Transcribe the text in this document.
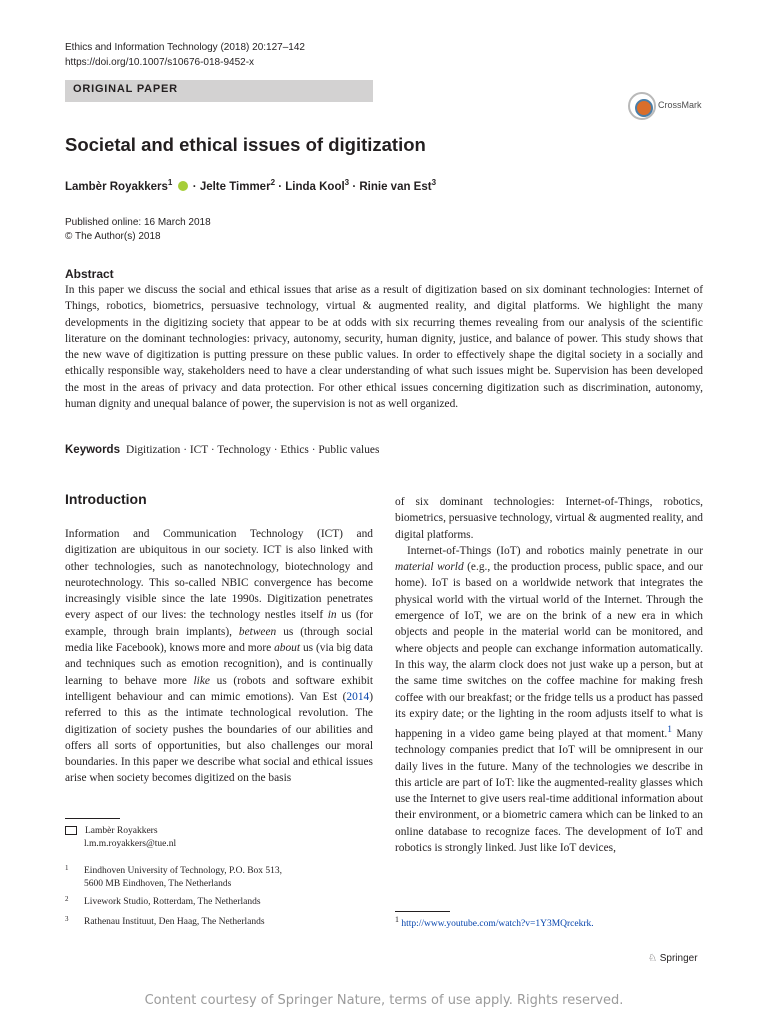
Ethics and Information Technology (2018) 20:127–142
https://doi.org/10.1007/s10676-018-9452-x
ORIGINAL PAPER
CrossMark
Societal and ethical issues of digitization
Lambèr Royakkers$^1$  · Jelte Timmer$^2$ · Linda Kool$^3$ · Rinie van Est$^3$
Published online: 16 March 2018
© The Author(s) 2018
Abstract
In this paper we discuss the social and ethical issues that arise as a result of digitization based on six dominant technologies: Internet of Things, robotics, biometrics, persuasive technology, virtual & augmented reality, and digital platforms. We highlight the many developments in the digitizing society that appear to be at odds with six recurring themes revealing from our analysis of the scientific literature on the dominant technologies: privacy, autonomy, security, human dignity, justice, and balance of power. This study shows that the new wave of digitization is putting pressure on these public values. In order to effectively shape the digital society in a socially and ethically responsible way, stakeholders need to have a clear understanding of what such issues might be. Supervision has been developed the most in the areas of privacy and data protection. For other ethical issues concerning digitization such as discrimination, autonomy, human dignity and unequal balance of power, the supervision is not as well organized.
Keywords Digitization · ICT · Technology · Ethics · Public values
Introduction

Information and Communication Technology (ICT) and digitization are ubiquitous in our society. ICT is also linked with other technologies, such as nanotechnology, biotechnology and neurotechnology. This so-called NBIC convergence has become increasingly visible since the late 1990s. Digitization penetrates every aspect of our lives: the technology nestles itself in us (for example, through brain implants), between us (through social media like Facebook), knows more and more about us (via big data and techniques such as emotion recognition), and is continually learning to behave more like us (robots and software exhibit intelligent behaviour and can mimic emotions). Van Est (2014) referred to this as the intimate technological revolution. The digitization of society pushes the boundaries of our abilities and offers all sorts of opportunities, but also challenges our moral boundaries. In this paper we describe what social and ethical issues arise when society becomes digitized on the basis

of six dominant technologies: Internet-of-Things, robotics, biometrics, persuasive technology, virtual & augmented reality, and digital platforms.

Internet-of-Things (IoT) and robotics mainly penetrate in our material world (e.g., the production process, public space, and our home). IoT is based on a worldwide network that integrates the physical world with the virtual world of the Internet. Through the emergence of IoT, we are on the brink of a new era in which objects and people in the material world can be monitored, and where objects and people can exchange information automatically. In this way, the alarm clock does not just wake up a person, but at the same time switches on the coffee machine for making fresh coffee with our breakfast; or the fridge tells us a product has passed its expiry date; or the lighting in the room adjusts itself to what is happening in a video game being played at that moment.$^1$ Many technology companies predict that IoT will be omnipresent in our daily lives in the future. Many of the technologies we describe in this article are part of IoT: like the augmented-reality glasses which use the Internet to give users real-time additional information about their environment, or a biometric camera which can be linked to an online database to recognize faces. The development of IoT and robotics is strongly linked. Just like IoT devices,

Lambèr Royakkers
l.m.m.royakkers@tue.nl
1 Eindhoven University of Technology, P.O. Box 513,
5600 MB Eindhoven, The Netherlands
2 Livework Studio, Rotterdam, The Netherlands
3 Rathenau Instituut, Den Haag, The Netherlands	$^1$ http://www.youtube.com/watch?v=1Y3MQrcekrk.
♘ Springer
Content courtesy of Springer Nature, terms of use apply. Rights reserved.
